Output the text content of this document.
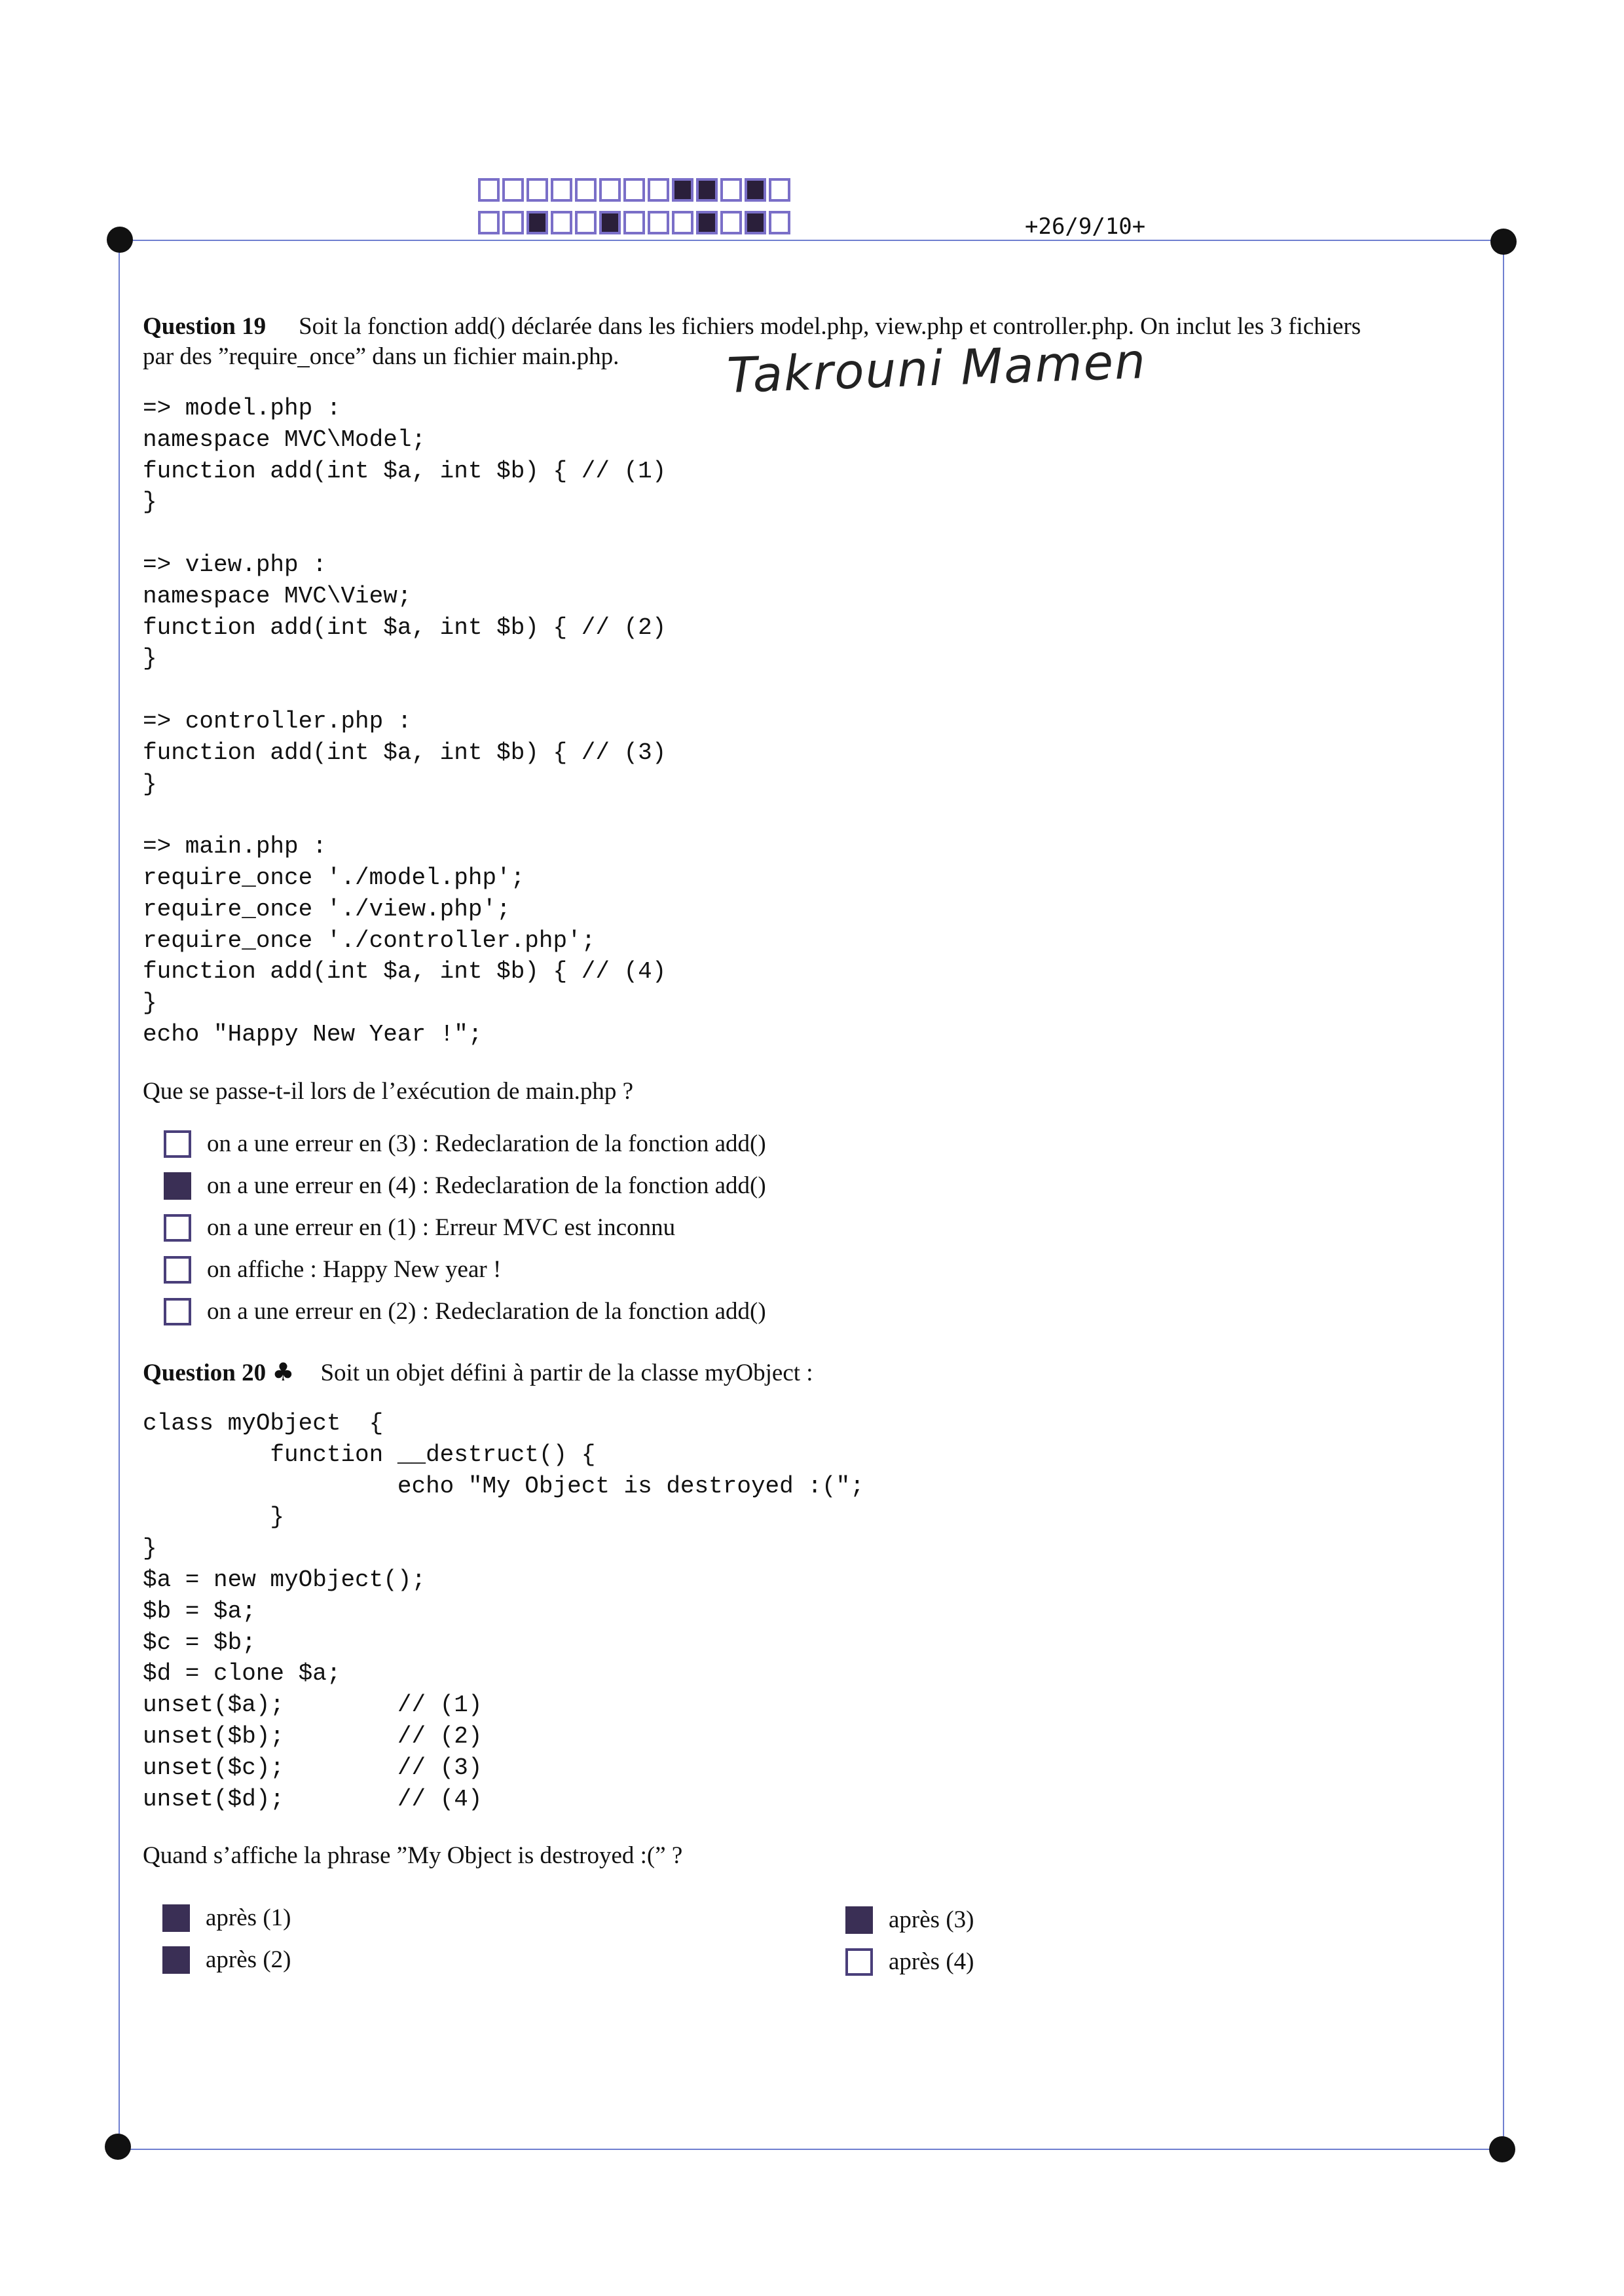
+26/9/10+
Takrouni Mamen
Question 19 Soit la fonction add() déclarée dans les fichiers model.php, view.php et controller.php. On inclut les 3 fichiers
par des ”require_once” dans un fichier main.php.
=> model.php :
namespace MVC\Model;
function add(int $a, int $b) { // (1)
}

=> view.php :
namespace MVC\View;
function add(int $a, int $b) { // (2)
}

=> controller.php :
function add(int $a, int $b) { // (3)
}

=> main.php :
require_once './model.php';
require_once './view.php';
require_once './controller.php';
function add(int $a, int $b) { // (4)
}
echo "Happy New Year !";
Que se passe-t-il lors de l’exécution de main.php ?
on a une erreur en (3) : Redeclaration de la fonction add()
on a une erreur en (4) : Redeclaration de la fonction add()
on a une erreur en (1) : Erreur MVC est inconnu
on affiche : Happy New year !
on a une erreur en (2) : Redeclaration de la fonction add()
Question 20 ♣ Soit un objet défini à partir de la classe myObject :
class myObject  {
function __destruct() {
echo "My Object is destroyed :(";
}
}
$a = new myObject();
$b = $a;
$c = $b;
$d = clone $a;
unset($a);        // (1)
unset($b);        // (2)
unset($c);        // (3)
unset($d);        // (4)
Quand s’affiche la phrase ”My Object is destroyed :(” ?
après (1)
après (2)
après (3)
après (4)
